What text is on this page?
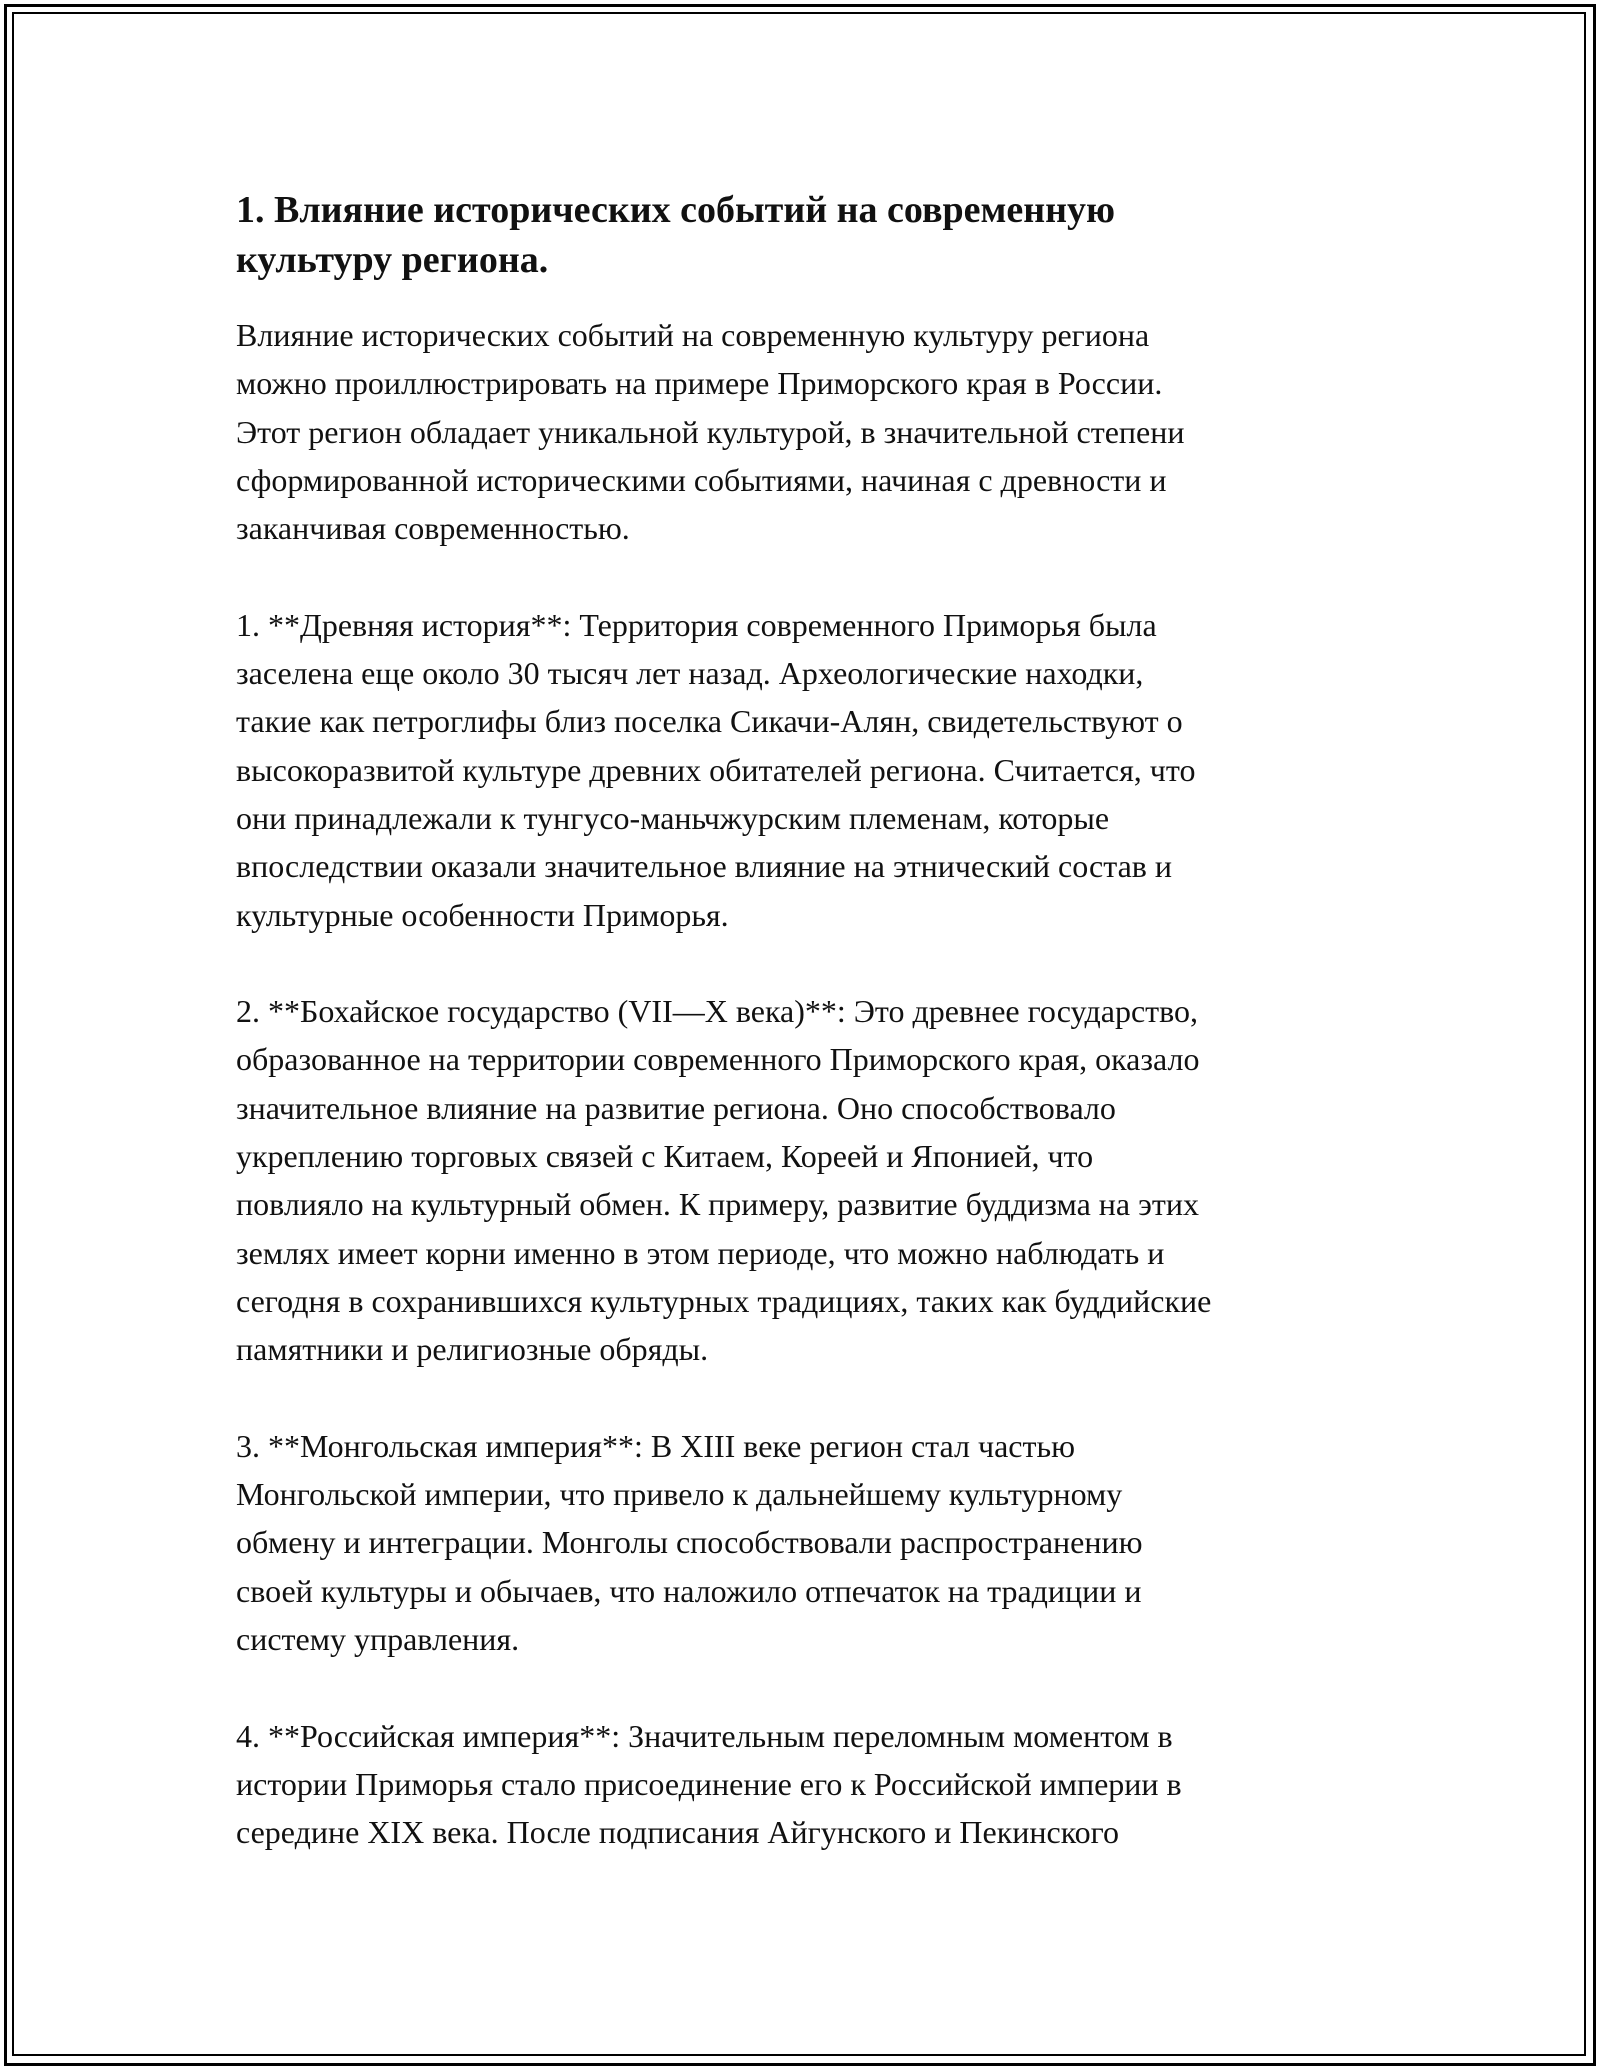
1. Влияние исторических событий на современную
культуру региона.

Влияние исторических событий на современную культуру региона
можно проиллюстрировать на примере Приморского края в России.
Этот регион обладает уникальной культурой, в значительной степени
сформированной историческими событиями, начиная с древности и
заканчивая современностью.

1. **Древняя история**: Территория современного Приморья была
заселена еще около 30 тысяч лет назад. Археологические находки,
такие как петроглифы близ поселка Сикачи-Алян, свидетельствуют о
высокоразвитой культуре древних обитателей региона. Считается, что
они принадлежали к тунгусо-маньчжурским племенам, которые
впоследствии оказали значительное влияние на этнический состав и
культурные особенности Приморья.

2. **Бохайское государство (VII—X века)**: Это древнее государство,
образованное на территории современного Приморского края, оказало
значительное влияние на развитие региона. Оно способствовало
укреплению торговых связей с Китаем, Кореей и Японией, что
повлияло на культурный обмен. К примеру, развитие буддизма на этих
землях имеет корни именно в этом периоде, что можно наблюдать и
сегодня в сохранившихся культурных традициях, таких как буддийские
памятники и религиозные обряды.

3. **Монгольская империя**: В XIII веке регион стал частью
Монгольской империи, что привело к дальнейшему культурному
обмену и интеграции. Монголы способствовали распространению
своей культуры и обычаев, что наложило отпечаток на традиции и
систему управления.

4. **Российская империя**: Значительным переломным моментом в
истории Приморья стало присоединение его к Российской империи в
середине XIX века. После подписания Айгунского и Пекинского
